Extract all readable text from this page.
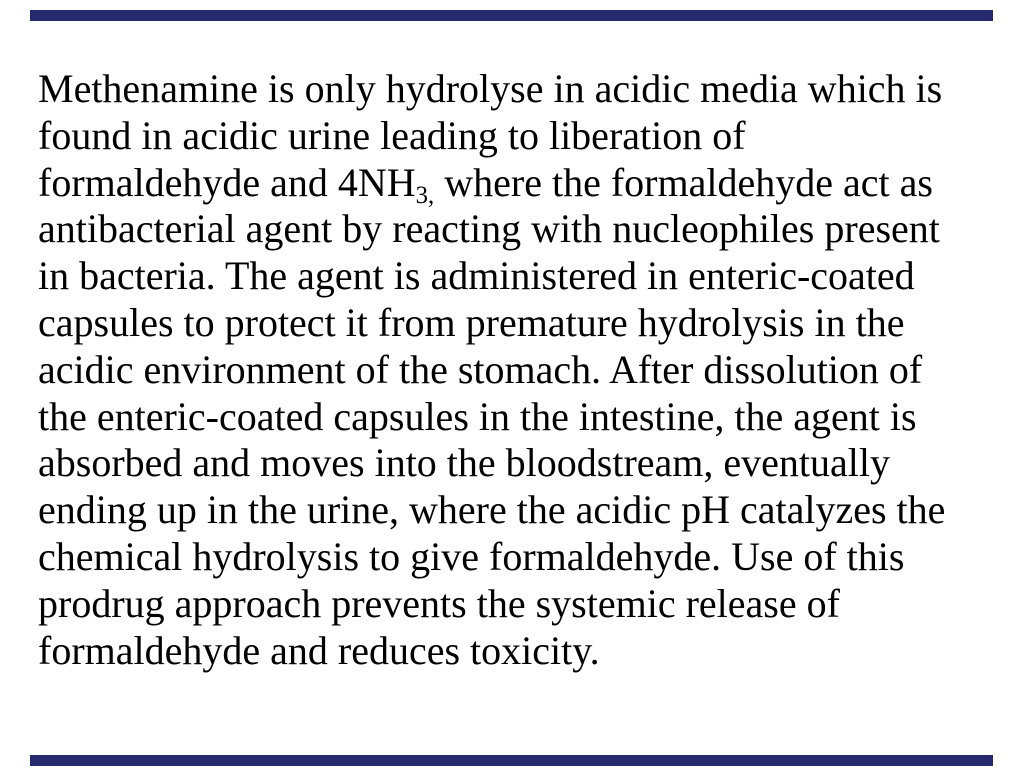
Methenamine is only hydrolyse in acidic media which is
found in acidic urine leading to liberation of
formaldehyde and $4NH_{3,}$ where the formaldehyde act as
antibacterial agent by reacting with nucleophiles present
in bacteria. The agent is administered in enteric-coated
capsules to protect it from premature hydrolysis in the
acidic environment of the stomach. After dissolution of
the enteric-coated capsules in the intestine, the agent is
absorbed and moves into the bloodstream, eventually
ending up in the urine, where the acidic pH catalyzes the
chemical hydrolysis to give formaldehyde. Use of this
prodrug approach prevents the systemic release of
formaldehyde and reduces toxicity.
